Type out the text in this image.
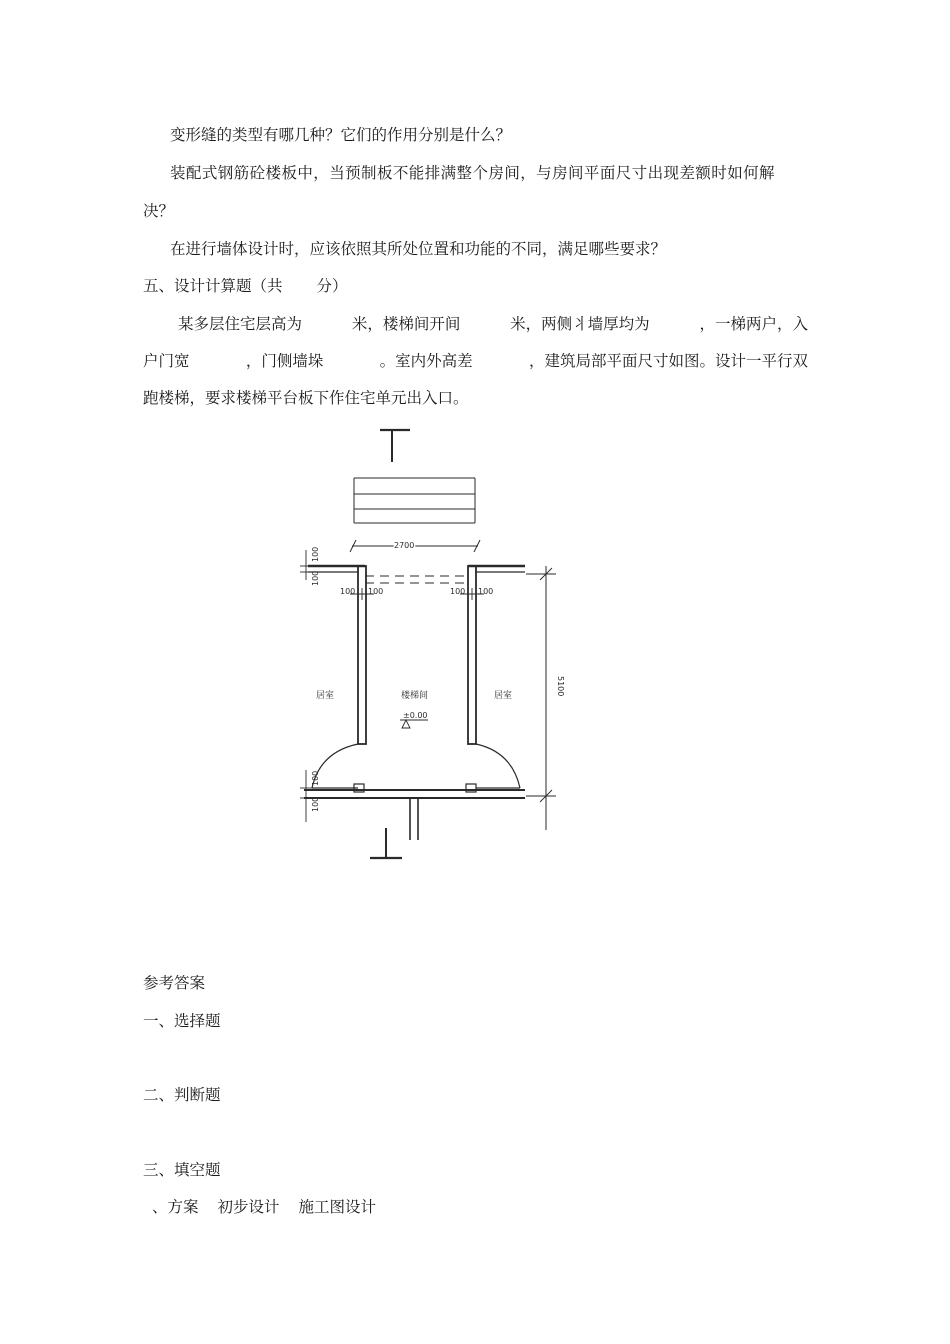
变形缝的类型有哪几种？它们的作用分别是什么？
装配式钢筋砼楼板中，当预制板不能排满整个房间，与房间平面尺寸出现差额时如何解
决？
在进行墙体设计时，应该依照其所处位置和功能的不同，满足哪些要求？
五、设计计算题（共 分）
某多层住宅层高为	米，楼梯间开间	米，两侧丬墙厚均为	，一梯两户，入
户门宽	，门侧墙垛	。室内外高差	，建筑局部平面尺寸如图。设计一平行双
跑楼梯，要求楼梯平台板下作住宅单元出入口。
2700
100 100	100 100
100
100
100
100
居室	楼梯间	居室
±0.00
5100
参考答案
一、选择题
二、判断题
三、填空题
、方案 初步设计 施工图设计
